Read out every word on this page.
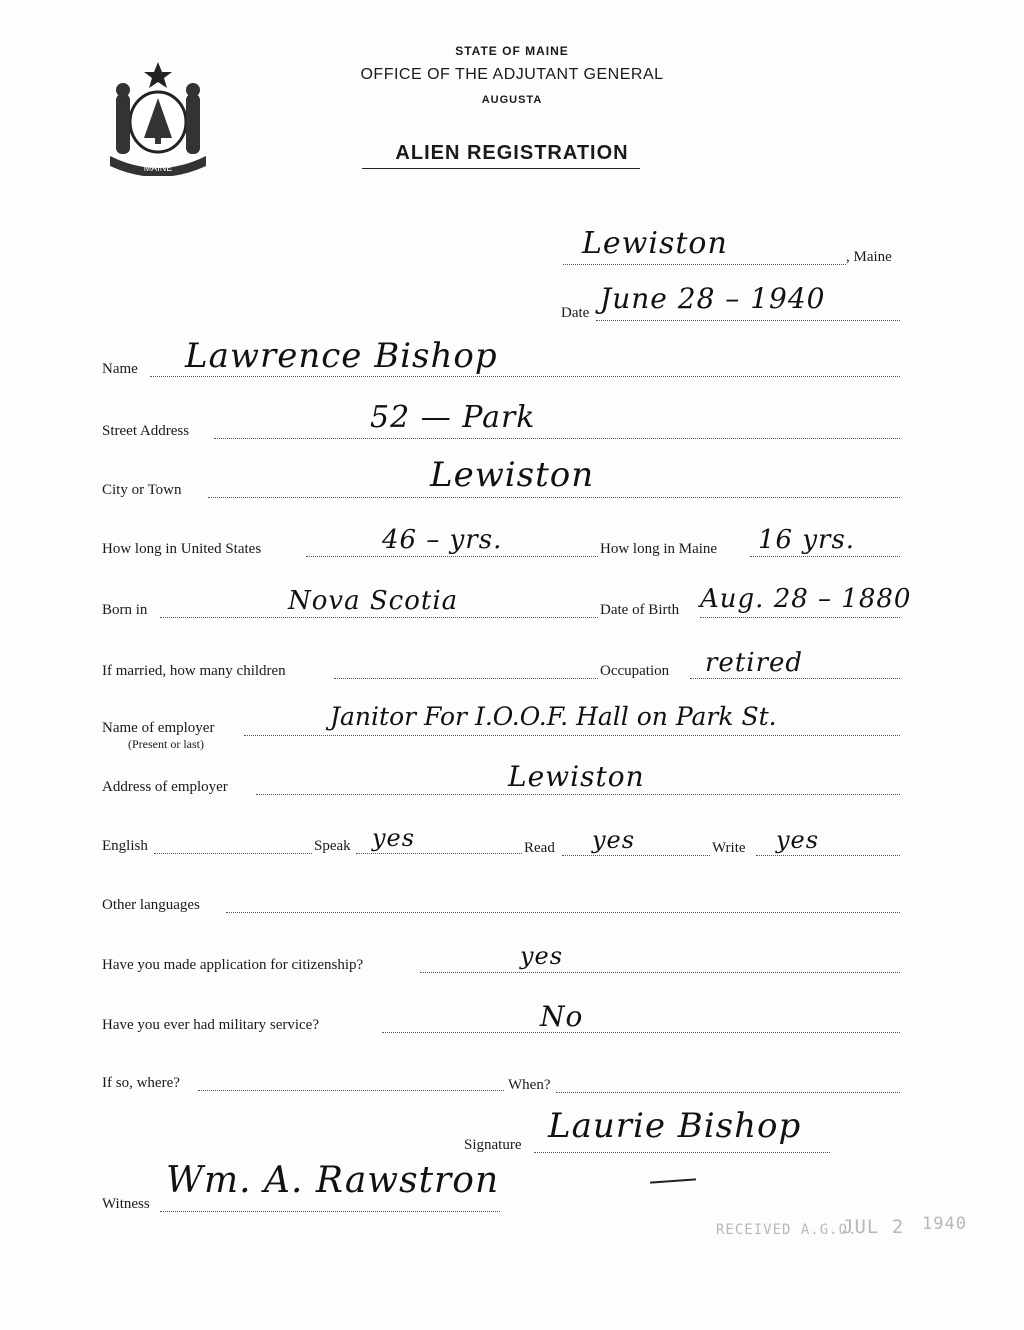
MAINE
STATE OF MAINE
OFFICE OF THE ADJUTANT GENERAL
AUGUSTA
ALIEN REGISTRATION
Lewiston	, Maine
Date June 28 – 1940
Name Lawrence Bishop
Street Address	52 — Park
City or Town	Lewiston
How long in United States	46 – yrs.	How long in Maine 16 yrs.
Born in	Nova Scotia	Date of Birth Aug. 28 – 1880
If married, how many children	Occupation retired
Name of employer
(Present or last)
Janitor For I.O.O.F. Hall on Park St.
Address of employer	Lewiston
English	Speak yes	Read yes	Write yes
Other languages
Have you made application for citizenship?	yes
Have you ever had military service?	No
If so, where?	When?
Signature Laurie Bishop
Witness
Wm. A. Rawstron
RECEIVED A.G.O.
JUL 2 1940
